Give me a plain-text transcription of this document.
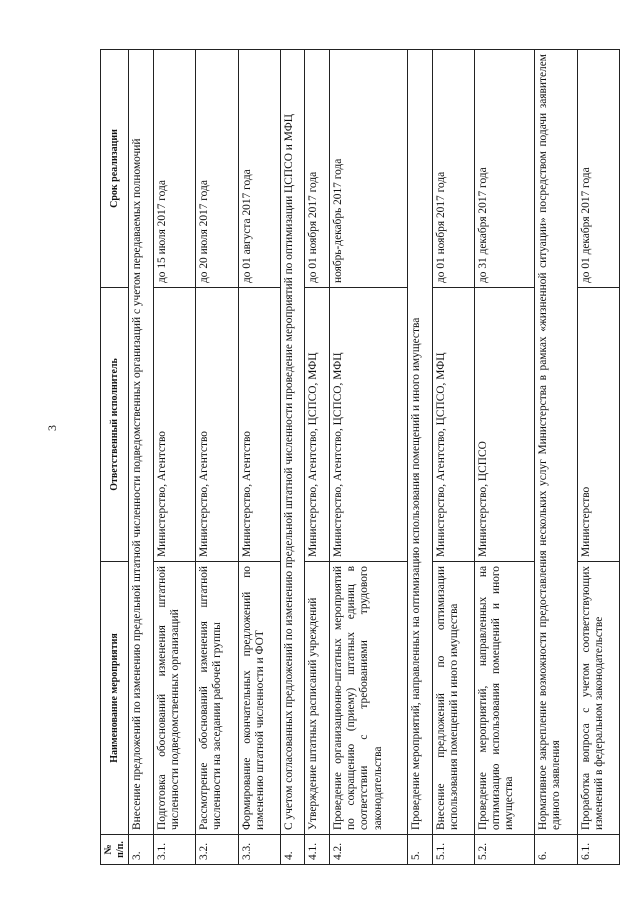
3
№ п/п.	Наименование мероприятия	Ответственный исполнитель	Срок реализации
3.	Внесение предложений по изменению предельной штатной численности подведомственных организаций с учетом передаваемых полномочий		
3.1.	Подготовка обоснований изменения штатной численности подведомственных организаций	Министерство, Агентство	до 15 июля 2017 года
3.2.	Рассмотрение обоснований изменения штатной численности на заседании рабочей группы	Министерство, Агентство	до 20 июля 2017 года
3.3.	Формирование окончательных предложений по изменению штатной численности и ФОТ	Министерство, Агентство	до 01 августа 2017 года
4.	С учетом согласованных предложений по изменению предельной штатной численности проведение мероприятий по оптимизации ЦСПСО и МФЦ		
4.1.	Утверждение штатных расписаний учреждений	Министерство, Агентство, ЦСПСО, МФЦ	до 01 ноября 2017 года
4.2.	Проведение организационно-штатных мероприятий по сокращению (приему) штатных единиц в соответствии с требованиями трудового законодательства	Министерство, Агентство, ЦСПСО, МФЦ	ноябрь-декабрь 2017 года
5.	Проведение мероприятий, направленных на оптимизацию использования помещений и иного имущества		
5.1.	Внесение предложений по оптимизации использования помещений и иного имущества	Министерство, Агентство, ЦСПСО, МФЦ	до 01 ноября 2017 года
5.2.	Проведение мероприятий, направленных на оптимизацию использования помещений и иного имущества	Министерство, ЦСПСО	до 31 декабря 2017 года
6.	Нормативное закрепление возможности предоставления нескольких услуг Министерства в рамках «жизненной ситуации» посредством подачи заявителем единого заявления		
6.1.	Проработка вопроса с учетом соответствующих изменений в федеральном законодательстве	Министерство	до 01 декабря 2017 года
